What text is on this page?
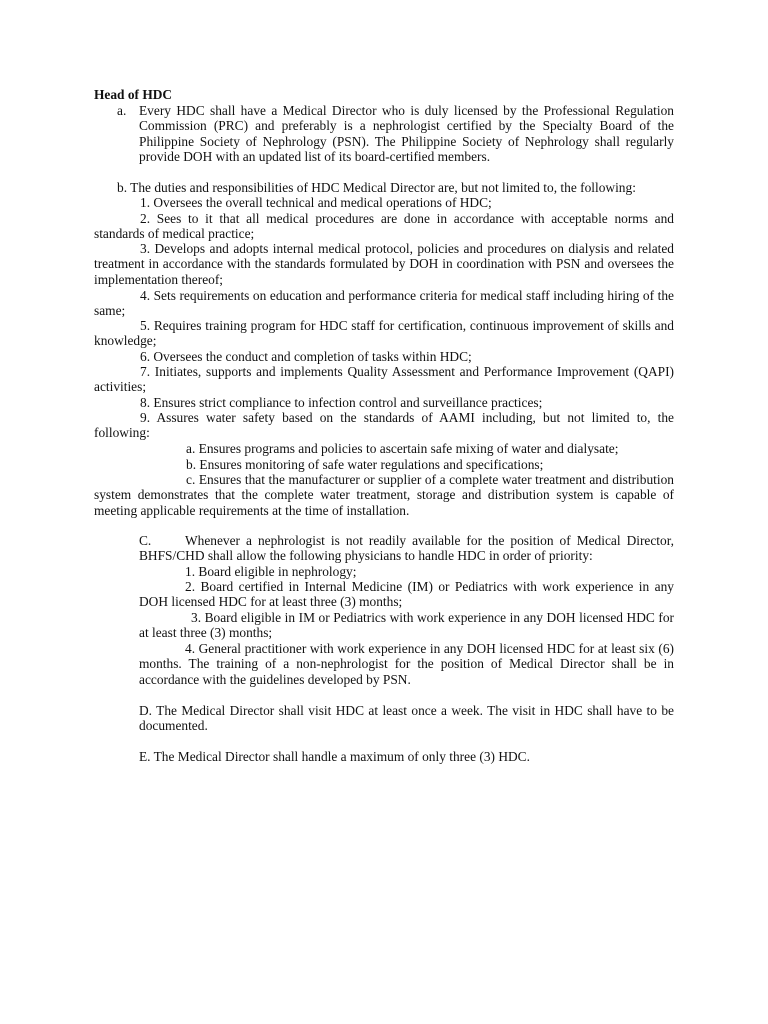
Head of HDC
a. Every HDC shall have a Medical Director who is duly licensed by the Professional Regulation Commission (PRC) and preferably is a nephrologist certified by the Specialty Board of the Philippine Society of Nephrology (PSN). The Philippine Society of Nephrology shall regularly provide DOH with an updated list of its board-certified members.
b. The duties and responsibilities of HDC Medical Director are, but not limited to, the following:
1. Oversees the overall technical and medical operations of HDC;
2. Sees to it that all medical procedures are done in accordance with acceptable norms and standards of medical practice;
3. Develops and adopts internal medical protocol, policies and procedures on dialysis and related treatment in accordance with the standards formulated by DOH in coordination with PSN and oversees the implementation thereof;
4. Sets requirements on education and performance criteria for medical staff including hiring of the same;
5. Requires training program for HDC staff for certification, continuous improvement of skills and knowledge;
6. Oversees the conduct and completion of tasks within HDC;
7. Initiates, supports and implements Quality Assessment and Performance Improvement (QAPI) activities;
8. Ensures strict compliance to infection control and surveillance practices;
9. Assures water safety based on the standards of AAMI including, but not limited to, the following:
a. Ensures programs and policies to ascertain safe mixing of water and dialysate;
b. Ensures monitoring of safe water regulations and specifications;
c. Ensures that the manufacturer or supplier of a complete water treatment and distribution system demonstrates that the complete water treatment, storage and distribution system is capable of meeting applicable requirements at the time of installation.
C.	Whenever a nephrologist is not readily available for the position of Medical Director, BHFS/CHD shall allow the following physicians to handle HDC in order of priority:
1. Board eligible in nephrology;
2. Board certified in Internal Medicine (IM) or Pediatrics with work experience in any DOH licensed HDC for at least three (3) months;
3. Board eligible in IM or Pediatrics with work experience in any DOH licensed HDC for at least three (3) months;
4. General practitioner with work experience in any DOH licensed HDC for at least six (6) months. The training of a non-nephrologist for the position of Medical Director shall be in accordance with the guidelines developed by PSN.
D. The Medical Director shall visit HDC at least once a week. The visit in HDC shall have to be documented.
E. The Medical Director shall handle a maximum of only three (3) HDC.
